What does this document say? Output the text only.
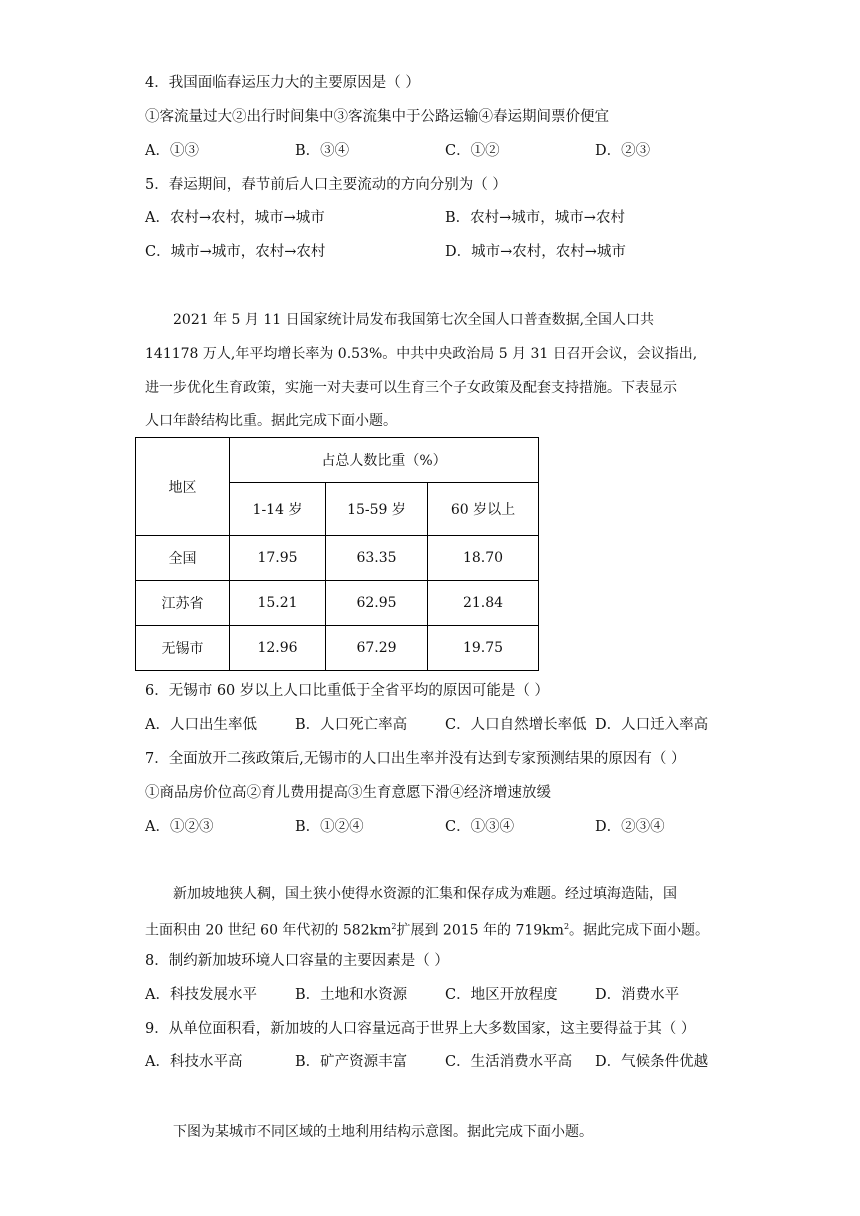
4．我国面临春运压力大的主要原因是（ ）
①客流量过大②出行时间集中③客流集中于公路运输④春运期间票价便宜
A．①③	B．③④	C．①②	D．②③
5．春运期间，春节前后人口主要流动的方向分别为（ ）
A．农村→农村，城市→城市	B．农村→城市，城市→农村
C．城市→城市，农村→农村	D．城市→农村，农村→城市
2021 年 5 月 11 日国家统计局发布我国第七次全国人口普查数据,全国人口共
141178 万人,年平均增长率为 0.53%。中共中央政治局 5 月 31 日召开会议，会议指出,
进一步优化生育政策，实施一对夫妻可以生育三个子女政策及配套支持措施。下表显示
人口年龄结构比重。据此完成下面小题。
地区	占总人数比重（%）		
	1-14 岁	15-59 岁	60 岁以上
全国	17.95	63.35	18.70
江苏省	15.21	62.95	21.84
无锡市	12.96	67.29	19.75
6．无锡市 60 岁以上人口比重低于全省平均的原因可能是（ ）
A．人口出生率低	B．人口死亡率高	C．人口自然增长率低 D．人口迁入率高
7．全面放开二孩政策后,无锡市的人口出生率并没有达到专家预测结果的原因有（ ）
①商品房价位高②育儿费用提高③生育意愿下滑④经济增速放缓
A．①②③	B．①②④	C．①③④	D．②③④
新加坡地狭人稠，国土狭小使得水资源的汇集和保存成为难题。经过填海造陆，国
土面积由 20 世纪 60 年代初的 $582km^2$扩展到 2015 年的 $719km^2$。据此完成下面小题。
8．制约新加坡环境人口容量的主要因素是（ ）
A．科技发展水平	B．土地和水资源	C．地区开放程度	D．消费水平
9．从单位面积看，新加坡的人口容量远高于世界上大多数国家，这主要得益于其（ ）
A．科技水平高	B．矿产资源丰富	C．生活消费水平高 D．气候条件优越
下图为某城市不同区域的土地利用结构示意图。据此完成下面小题。
